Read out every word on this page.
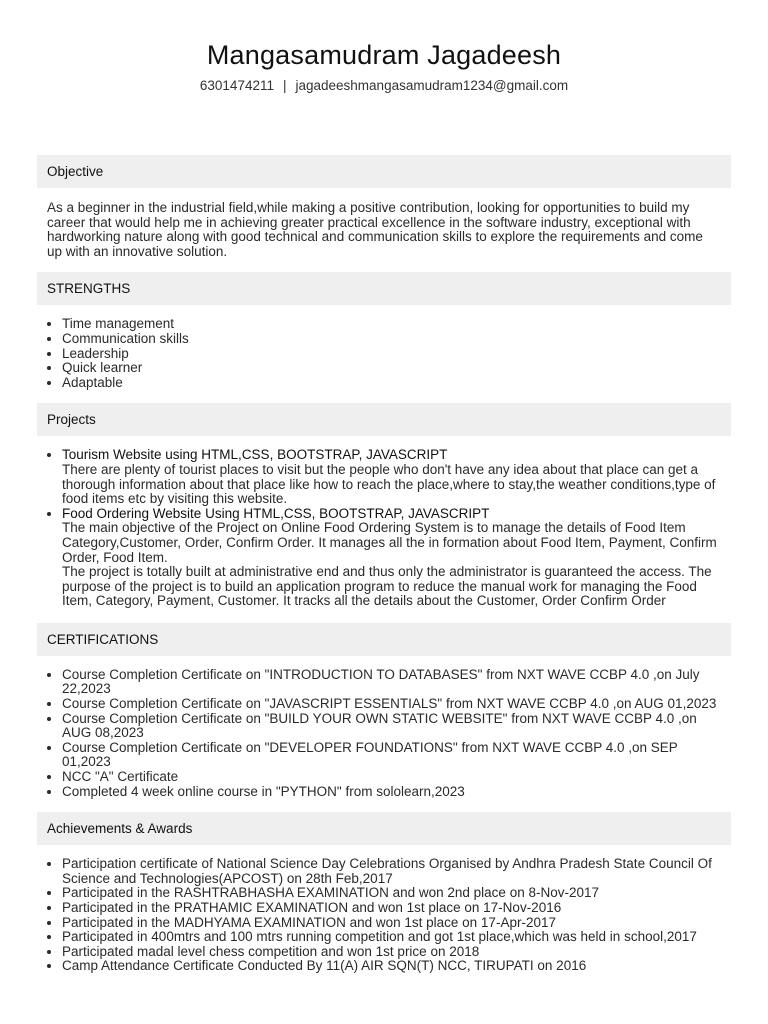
Mangasamudram Jagadeesh
6301474211 | jagadeeshmangasamudram1234@gmail.com
Objective

As a beginner in the industrial field,while making a positive contribution, looking for opportunities to build my career that would help me in achieving greater practical excellence in the software industry, exceptional with hardworking nature along with good technical and communication skills to explore the requirements and come up with an innovative solution.

STRENGTHS
• Time management
• Communication skills
• Leadership
• Quick learner
• Adaptable
Projects
• Tourism Website using HTML,CSS, BOOTSTRAP, JAVASCRIPT
There are plenty of tourist places to visit but the people who don't have any idea about that place can get a thorough information about that place like how to reach the place,where to stay,the weather conditions,type of food items etc by visiting this website.
• Food Ordering Website Using HTML,CSS, BOOTSTRAP, JAVASCRIPT
The main objective of the Project on Online Food Ordering System is to manage the details of Food Item Category,Customer, Order, Confirm Order. It manages all the in formation about Food Item, Payment, Confirm Order, Food Item.
The project is totally built at administrative end and thus only the administrator is guaranteed the access. The purpose of the project is to build an application program to reduce the manual work for managing the Food Item, Category, Payment, Customer. It tracks all the details about the Customer, Order Confirm Order
CERTIFICATIONS
• Course Completion Certificate on "INTRODUCTION TO DATABASES" from NXT WAVE CCBP 4.0 ,on July 22,2023
• Course Completion Certificate on "JAVASCRIPT ESSENTIALS" from NXT WAVE CCBP 4.0 ,on AUG 01,2023
• Course Completion Certificate on "BUILD YOUR OWN STATIC WEBSITE" from NXT WAVE CCBP 4.0 ,on AUG 08,2023
• Course Completion Certificate on "DEVELOPER FOUNDATIONS" from NXT WAVE CCBP 4.0 ,on SEP 01,2023
• NCC "A" Certificate
• Completed 4 week online course in "PYTHON" from sololearn,2023
Achievements & Awards
• Participation certificate of National Science Day Celebrations Organised by Andhra Pradesh State Council Of Science and Technologies(APCOST) on 28th Feb,2017
• Participated in the RASHTRABHASHA EXAMINATION and won 2nd place on 8-Nov-2017
• Participated in the PRATHAMIC EXAMINATION and won 1st place on 17-Nov-2016
• Participated in the MADHYAMA EXAMINATION and won 1st place on 17-Apr-2017
• Participated in 400mtrs and 100 mtrs running competition and got 1st place,which was held in school,2017
• Participated madal level chess competition and won 1st price on 2018
• Camp Attendance Certificate Conducted By 11(A) AIR SQN(T) NCC, TIRUPATI on 2016
